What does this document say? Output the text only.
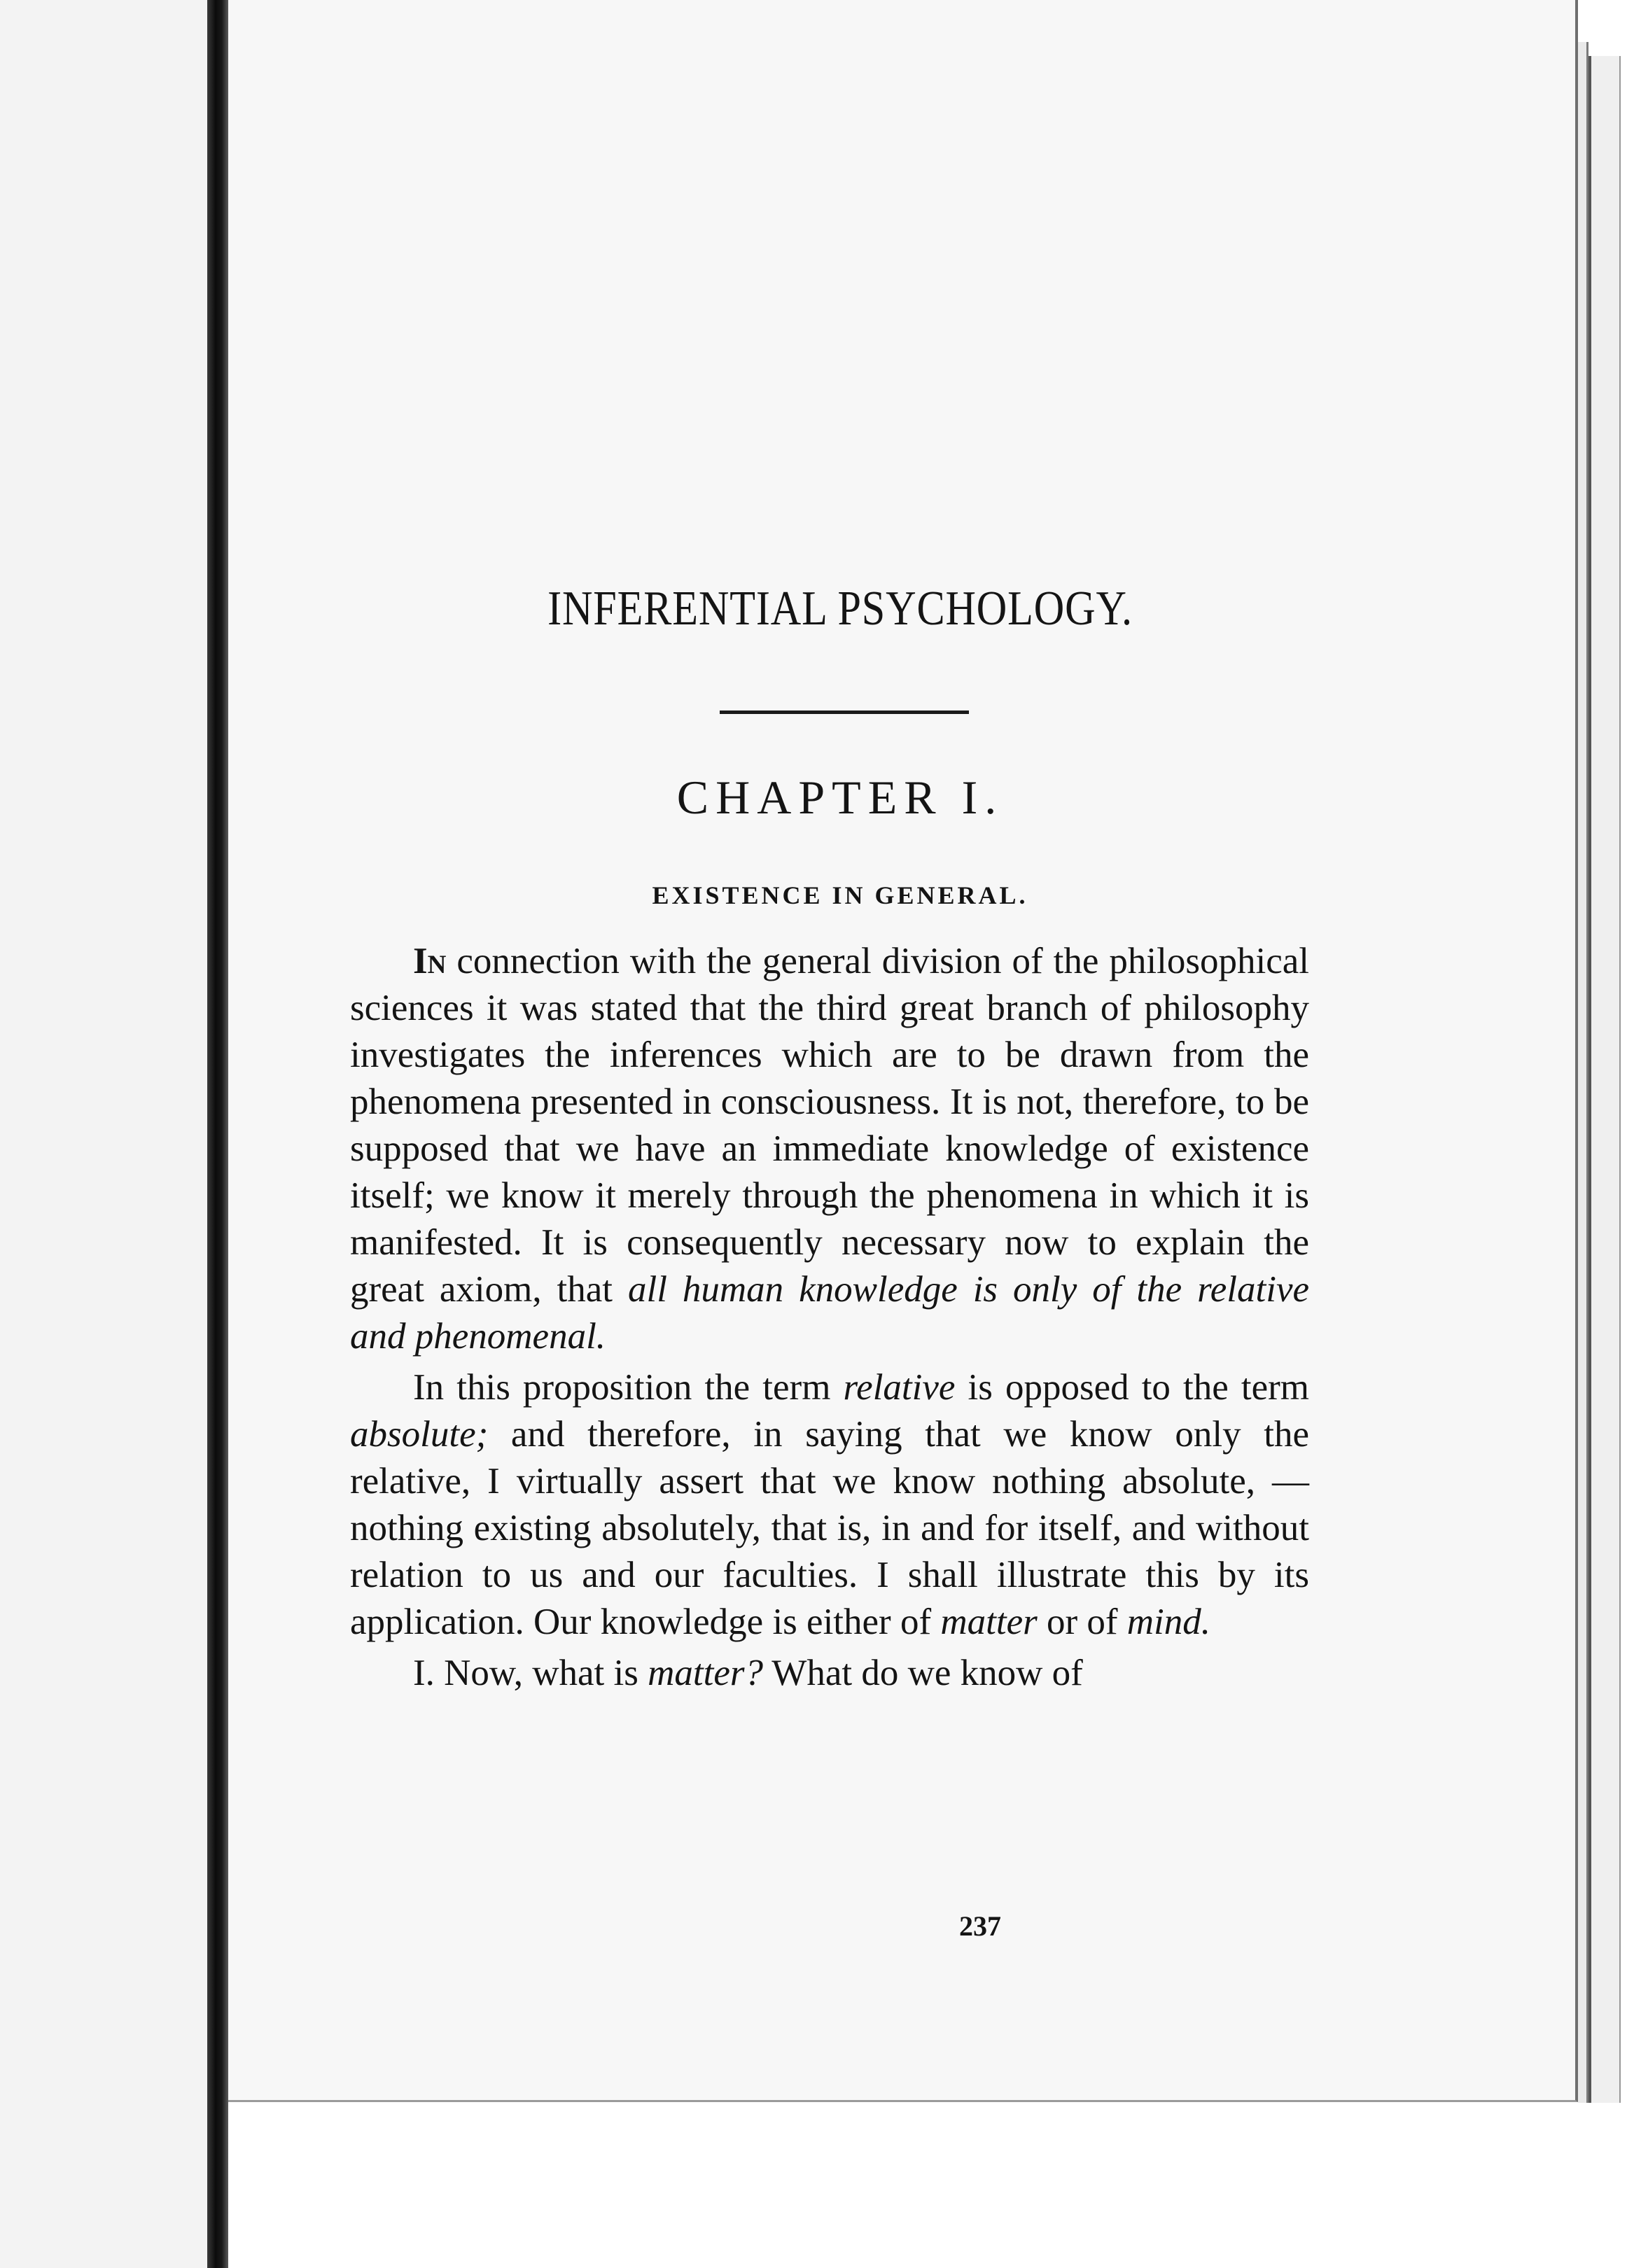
INFERENTIAL PSYCHOLOGY.
CHAPTER I.
EXISTENCE IN GENERAL.

In connection with the general division of the philosophical sciences it was stated that the third great branch of philosophy investigates the inferences which are to be drawn from the phenomena presented in consciousness. It is not, therefore, to be supposed that we have an immediate knowledge of existence itself; we know it merely through the phenomena in which it is manifested. It is consequently necessary now to explain the great axiom, that all human knowledge is only of the relative and phenomenal.

In this proposition the term relative is opposed to the term absolute; and therefore, in saying that we know only the relative, I virtually assert that we know nothing absolute, — nothing existing absolutely, that is, in and for itself, and without relation to us and our faculties. I shall illustrate this by its application. Our knowledge is either of matter or of mind.

I. Now, what is matter? What do we know of

237
